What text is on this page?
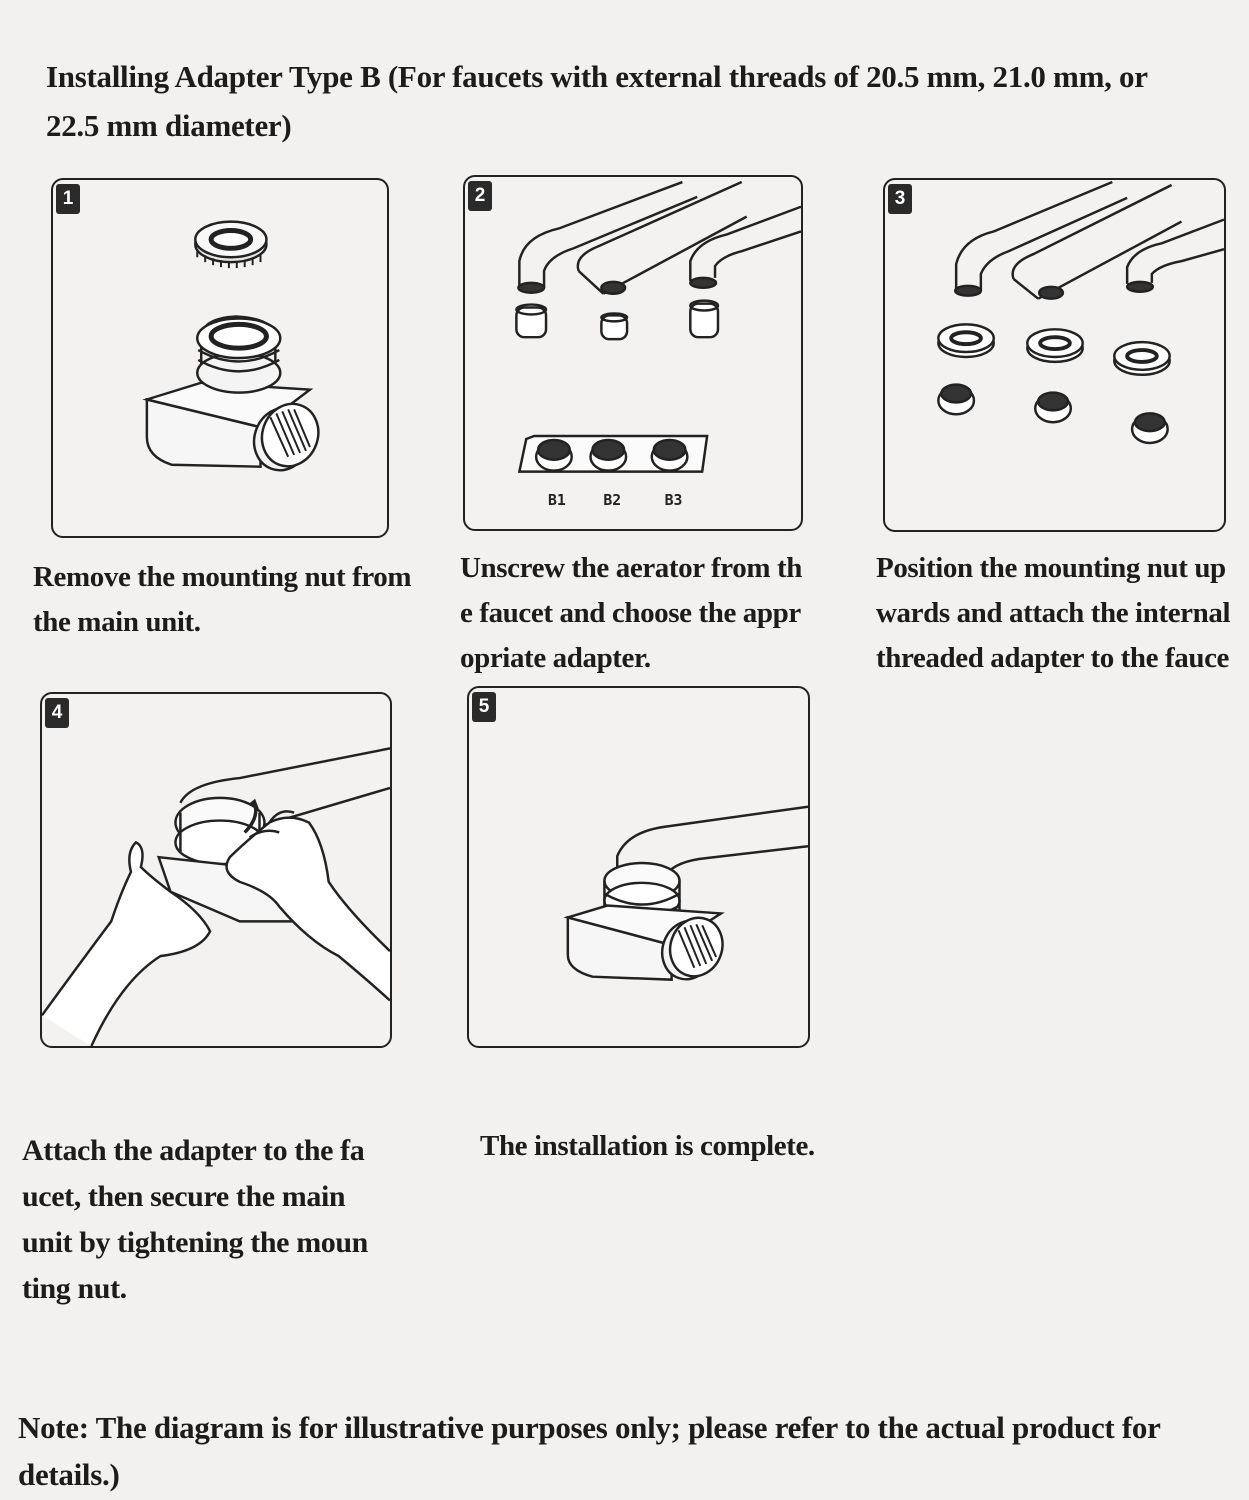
Installing Adapter Type B (For faucets with external threads of 20.5 mm, 21.0 mm, or 22.5 mm diameter)
1	2
B1 B2	B3
3

Remove the mounting nut from
the main unit.

Unscrew the aerator from th
e faucet and choose the appr
opriate adapter.

Position the mounting nut up
wards and attach the internal
threaded adapter to the fauce

4	5

Attach the adapter to the fa
ucet, then secure the main
unit by tightening the moun
ting nut.

The installation is complete.

Note: The diagram is for illustrative purposes only; please refer to the actual product for details.)
